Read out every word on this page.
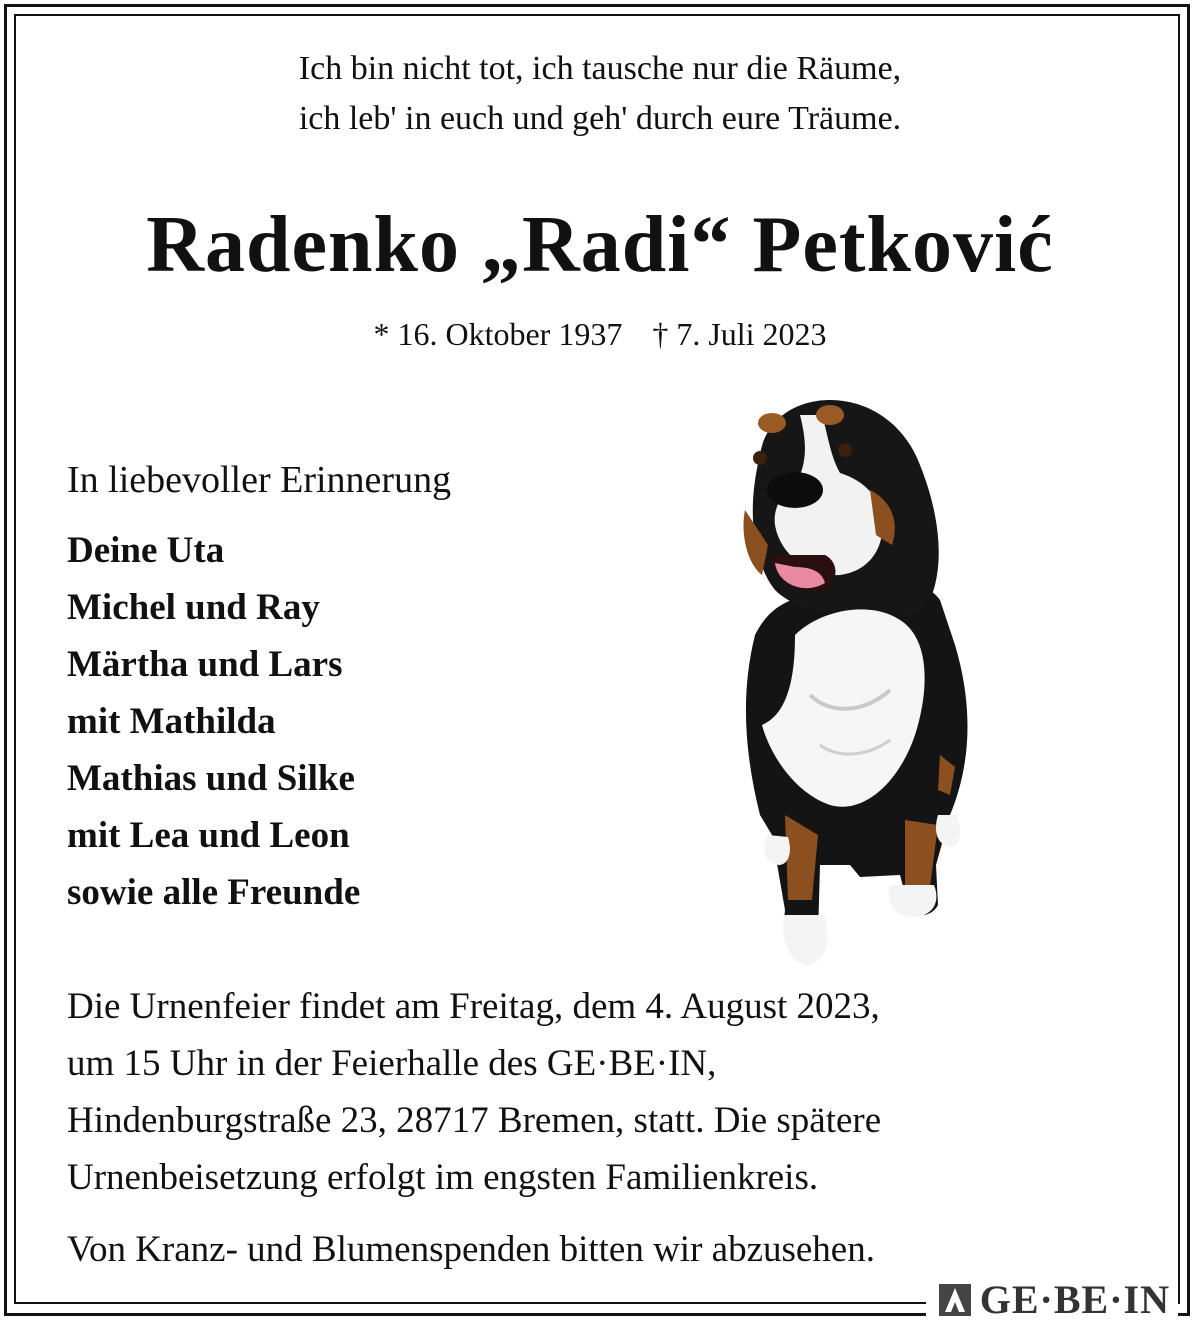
Ich bin nicht tot, ich tausche nur die Räume,
ich leb' in euch und geh' durch eure Träume.
Radenko „Radi“ Petković
* 16. Oktober 1937 † 7. Juli 2023
In liebevoller Erinnerung
Deine Uta
Michel und Ray
Märtha und Lars
mit Mathilda
Mathias und Silke
mit Lea und Leon
sowie alle Freunde
Die Urnenfeier findet am Freitag, dem 4. August 2023,
um 15 Uhr in der Feierhalle des GE·BE·IN,
Hindenburgstraße 23, 28717 Bremen, statt. Die spätere
Urnenbeisetzung erfolgt im engsten Familienkreis.
Von Kranz- und Blumenspenden bitten wir abzusehen.
GE·BE·IN
